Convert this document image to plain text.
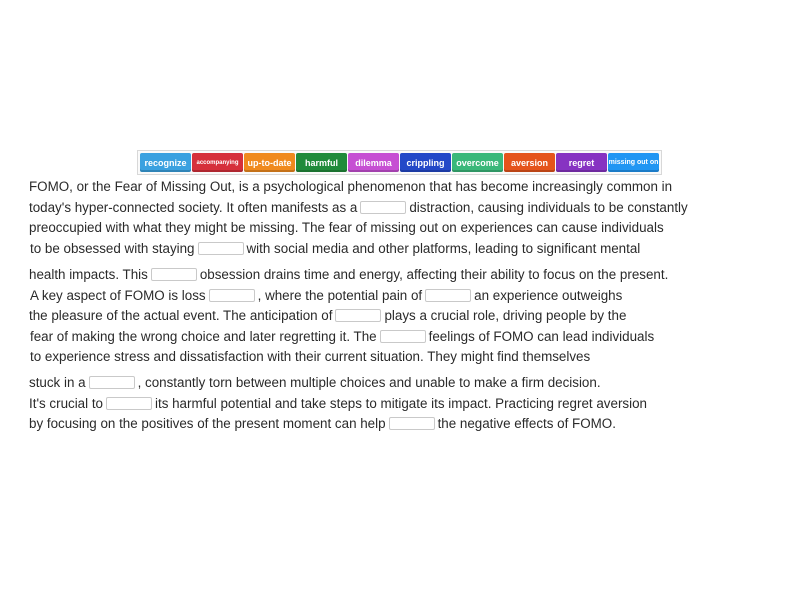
recognize	accompanying	up-to-date	harmful	dilemma	crippling	overcome	aversion	regret	missing out on
FOMO, or the Fear of Missing Out, is a psychological phenomenon that has become increasingly common in
today's hyper-connected society. It often manifests as a	distraction, causing individuals to be constantly
preoccupied with what they might be missing. The fear of missing out on experiences can cause individuals
to be obsessed with staying	with social media and other platforms, leading to significant mental
health impacts. This	obsession drains time and energy, affecting their ability to focus on the present.
A key aspect of FOMO is loss	, where the potential pain of	an experience outweighs
the pleasure of the actual event. The anticipation of	plays a crucial role, driving people by the
fear of making the wrong choice and later regretting it. The	feelings of FOMO can lead individuals
to experience stress and dissatisfaction with their current situation. They might find themselves
stuck in a	, constantly torn between multiple choices and unable to make a firm decision.
It's crucial to	its harmful potential and take steps to mitigate its impact. Practicing regret aversion
by focusing on the positives of the present moment can help	the negative effects of FOMO.
